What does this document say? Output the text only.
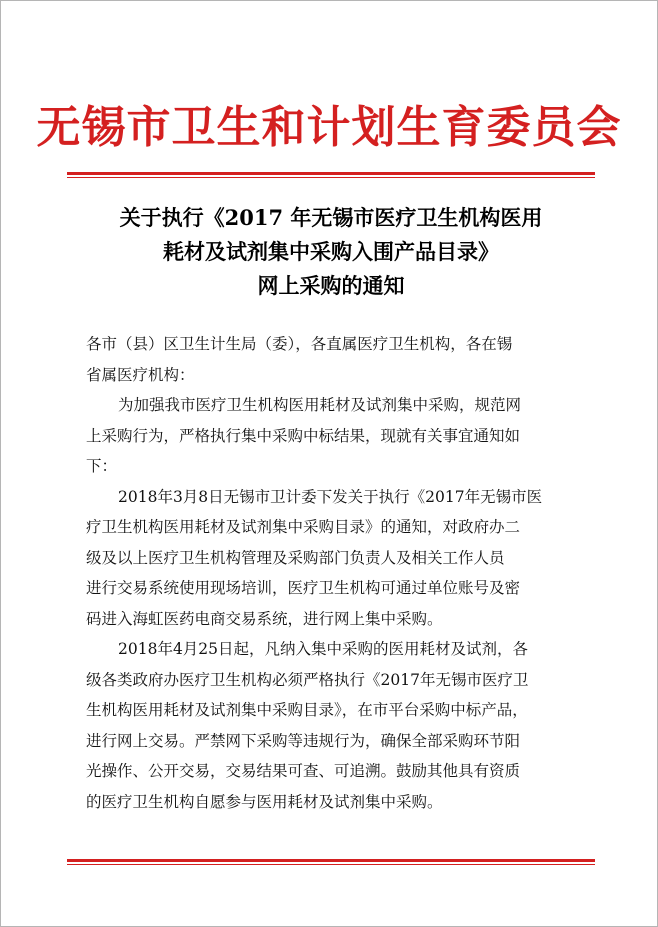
无锡市卫生和计划生育委员会
关于执行《2017 年无锡市医疗卫生机构医用
耗材及试剂集中采购入围产品目录》
网上采购的通知
各市（县）区卫生计生局（委），各直属医疗卫生机构，各在锡
省属医疗机构：
为加强我市医疗卫生机构医用耗材及试剂集中采购，规范网
上采购行为，严格执行集中采购中标结果，现就有关事宜通知如
下：
2018年3月8日无锡市卫计委下发关于执行《2017年无锡市医
疗卫生机构医用耗材及试剂集中采购目录》的通知，对政府办二
级及以上医疗卫生机构管理及采购部门负责人及相关工作人员
进行交易系统使用现场培训，医疗卫生机构可通过单位账号及密
码进入海虹医药电商交易系统，进行网上集中采购。
2018年4月25日起，凡纳入集中采购的医用耗材及试剂，各
级各类政府办医疗卫生机构必须严格执行《2017年无锡市医疗卫
生机构医用耗材及试剂集中采购目录》，在市平台采购中标产品，
进行网上交易。严禁网下采购等违规行为，确保全部采购环节阳
光操作、公开交易，交易结果可查、可追溯。鼓励其他具有资质
的医疗卫生机构自愿参与医用耗材及试剂集中采购。
